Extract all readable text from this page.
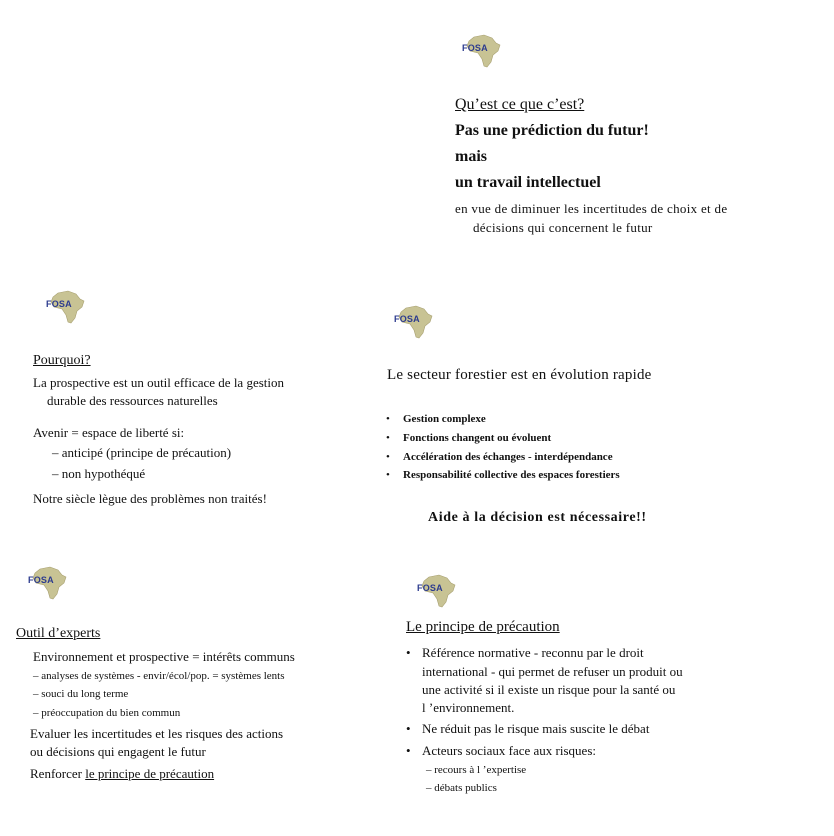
FOSA
Qu’est ce que c’est?
Pas une prédiction du futur!
mais
un travail intellectuel
en vue de diminuer les incertitudes de choix et de
décisions qui concernent le futur
FOSA
Pourquoi?
La prospective est un outil efficace de la gestion
durable des ressources naturelles
Avenir = espace de liberté si:
– anticipé (principe de précaution)
– non hypothéqué
Notre siècle lègue des problèmes non traités!
FOSA
Le secteur forestier est en évolution rapide
• Gestion complexe
• Fonctions changent ou évoluent
• Accélération des échanges - interdépendance
• Responsabilité collective des espaces forestiers
Aide à la décision est nécessaire!!
FOSA
Outil d’experts
Environnement et prospective = intérêts communs
– analyses de systèmes - envir/écol/pop. = systèmes lents
– souci du long terme
– préoccupation du bien commun
Evaluer les incertitudes et les risques des actions
ou décisions qui engagent le futur
Renforcer le principe de précaution
FOSA
Le principe de précaution
• Référence normative - reconnu par le droit
international - qui permet de refuser un produit ou
une activité si il existe un risque pour la santé ou
l ’environnement.
• Ne réduit pas le risque mais suscite le débat
• Acteurs sociaux face aux risques:
– recours à l ’expertise
– débats publics
